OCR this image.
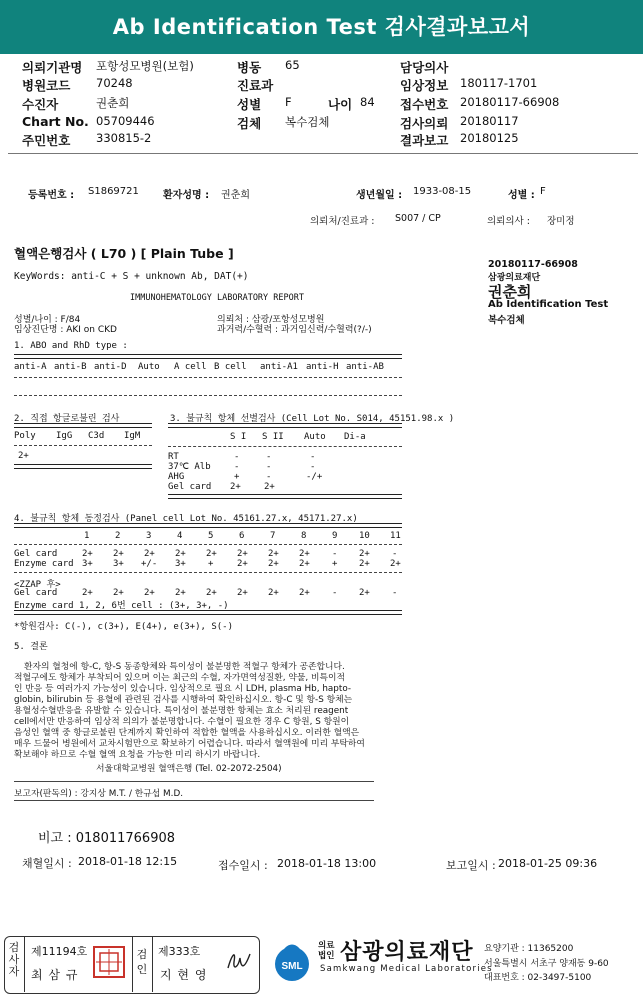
Ab Identification Test 검사결과보고서
의뢰기관명 포항성모병원(보험)
병원코드 70248
수진자	권춘희
Chart No. 05709446
주민번호 330815-2
병동 65
진료과
성별 F	나이 84
검체 복수검체
담당의사
임상정보 180117-1701
접수번호 20180117-66908
검사의뢰 20180117
결과보고 20180125
등록번호 : S1869721 환자성명 : 권춘희	생년월일 : 1933-08-15	성별 : F
의뢰처/진료과 : S007 / CP	의뢰의사 : 장미정
혈액은행검사 ( L70 ) [ Plain Tube ]
KeyWords: anti-C + S + unknown Ab, DAT(+)
IMMUNOHEMATOLOGY LABORATORY REPORT
20180117-66908
삼광의료재단
권춘희
Ab Identification Test
복수검체
성별/나이 : F/84
임상진단명 : AKI on CKD
의뢰처 : 삼광/포항성모병원
과거력/수혈력 : 과거임신력/수혈력(?/-)
1. ABO and RhD type :
anti-A anti-B anti-D Auto A cell B cell anti-A1 anti-H anti-AB
2. 직접 항글로불린 검사
Poly IgG C3d IgM
2+
3. 불규칙 항체 선별검사 (Cell Lot No. S014, 45151.98.x )
S I S II Auto Di-a
RT	-	-	-
37℃ Alb	-	-	-
AHG	+	-	-/+
Gel card 2+	2+
4. 불규칙 항체 동정검사 (Panel cell Lot No. 45161.27.x, 45171.27.x)
1	2	3	4	5	6	7	8	9 10 11
Gel card	2+ 2+ 2+ 2+ 2+ 2+ 2+ 2+ - 2+ -
Enzyme card 3+ 3+ +/- 3+ +	2+ 2+ 2+ + 2+ 2+
<ZZAP 후>
Gel card	2+ 2+ 2+ 2+ 2+ 2+ 2+ 2+ - 2+ -
Enzyme card 1, 2, 6번 cell : (3+, 3+, -)
*항원검사: C(-), c(3+), E(4+), e(3+), S(-)
5. 결론
환자의 혈청에 항-C, 항-S 동종항체와 특이성이 불분명한 적혈구 항체가 공존합니다.
적혈구에도 항체가 부착되어 있으며 이는 최근의 수혈, 자가면역성질환, 약물, 비특이적
인 반응 등 여러가지 가능성이 있습니다. 임상적으로 필요 시 LDH, plasma Hb, hapto-
globin, bilirubin 등 용혈에 관련된 검사를 시행하여 확인하십시오. 항-C 및 항-S 항체는
용혈성수혈반응을 유발할 수 있습니다. 특이성이 불분명한 항체는 효소 처리된 reagent
cell에서만 반응하여 임상적 의의가 불분명합니다. 수혈이 필요한 경우 C 항원, S 항원이
음성인 혈액 중 항글로불린 단계까지 확인하여 적합한 혈액을 사용하십시오. 이러한 혈액은
매우 드물어 병원에서 교차시험만으로 확보하기 어렵습니다. 따라서 혈액원에 미리 부탁하여
확보해야 하므로 수혈 혈액 요청을 가능한 미리 하시기 바랍니다.
서울대학교병원 혈액은행 (Tel. 02-2072-2504)
보고자(판독의) : 강지상 M.T. / 한규섭 M.D.
비고 : 018011766908
채혈일시 : 2018-01-18 12:15	접수일시 : 2018-01-18 13:00	보고일시 : 2018-01-25 09:36
검
사
자
제11194호
최 삼 규
검
인
제333호
지 현 영
SML
의료법인 삼광의료재단
Samkwang Medical Laboratories
요양기관 : 11365200
서울특별시 서초구 양재동 9-60
대표번호 : 02-3497-5100
